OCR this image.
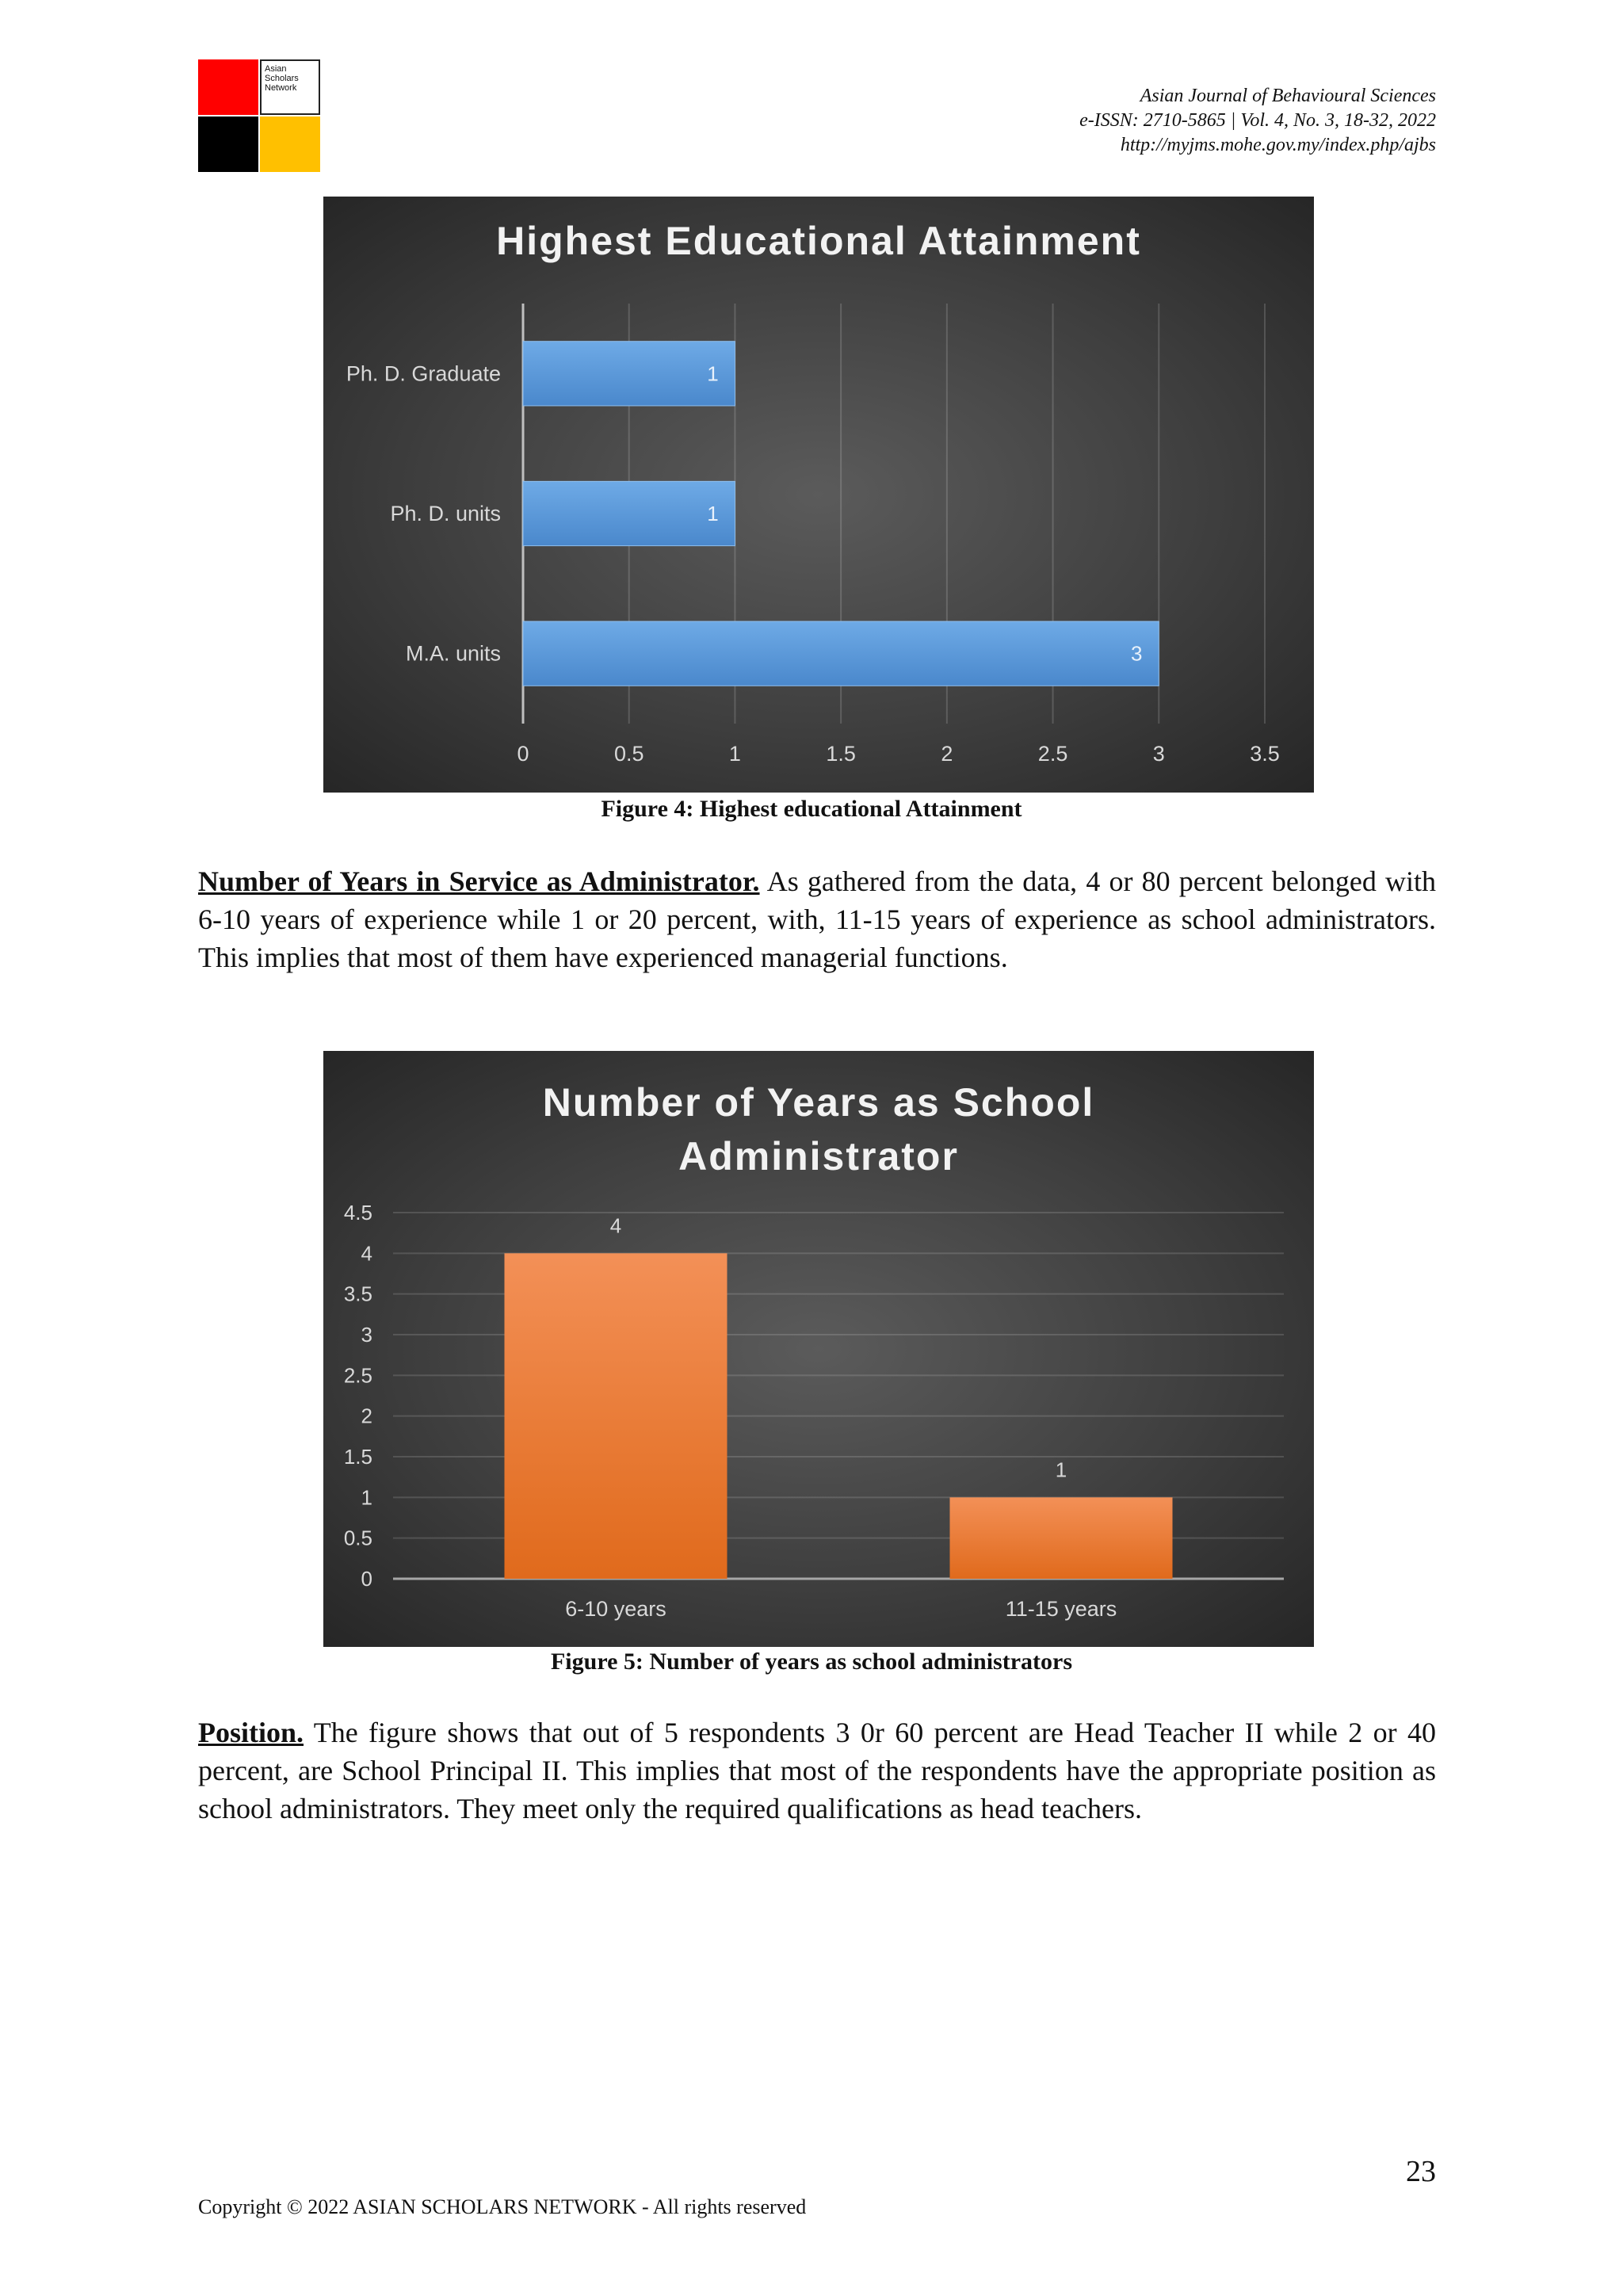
Asian
Scholars
Network	Asian Journal of Behavioural Sciences
e-ISSN: 2710-5865 | Vol. 4, No. 3, 18-32, 2022
http://myjms.mohe.gov.my/index.php/ajbs
Highest Educational Attainment
0	0.5	1	1.5	2	2.5	3	3.5
1
Ph. D. Graduate
1
Ph. D. units
3
M.A. units
Figure 4: Highest educational Attainment
Number of Years in Service as Administrator. As gathered from the data, 4 or 80 percent belonged with 6-10 years of experience while 1 or 20 percent, with, 11-15 years of experience as school administrators. This implies that most of them have experienced managerial functions.
Number of Years as School
Administrator
0
0.5
1
1.5
2
2.5
3
3.5
4
4.5
4
6-10 years
1
11-15 years
Figure 5: Number of years as school administrators
Position. The figure shows that out of 5 respondents 3 0r 60 percent are Head Teacher II while 2 or 40 percent, are School Principal II. This implies that most of the respondents have the appropriate position as school administrators. They meet only the required qualifications as head teachers.
23
Copyright © 2022 ASIAN SCHOLARS NETWORK - All rights reserved
